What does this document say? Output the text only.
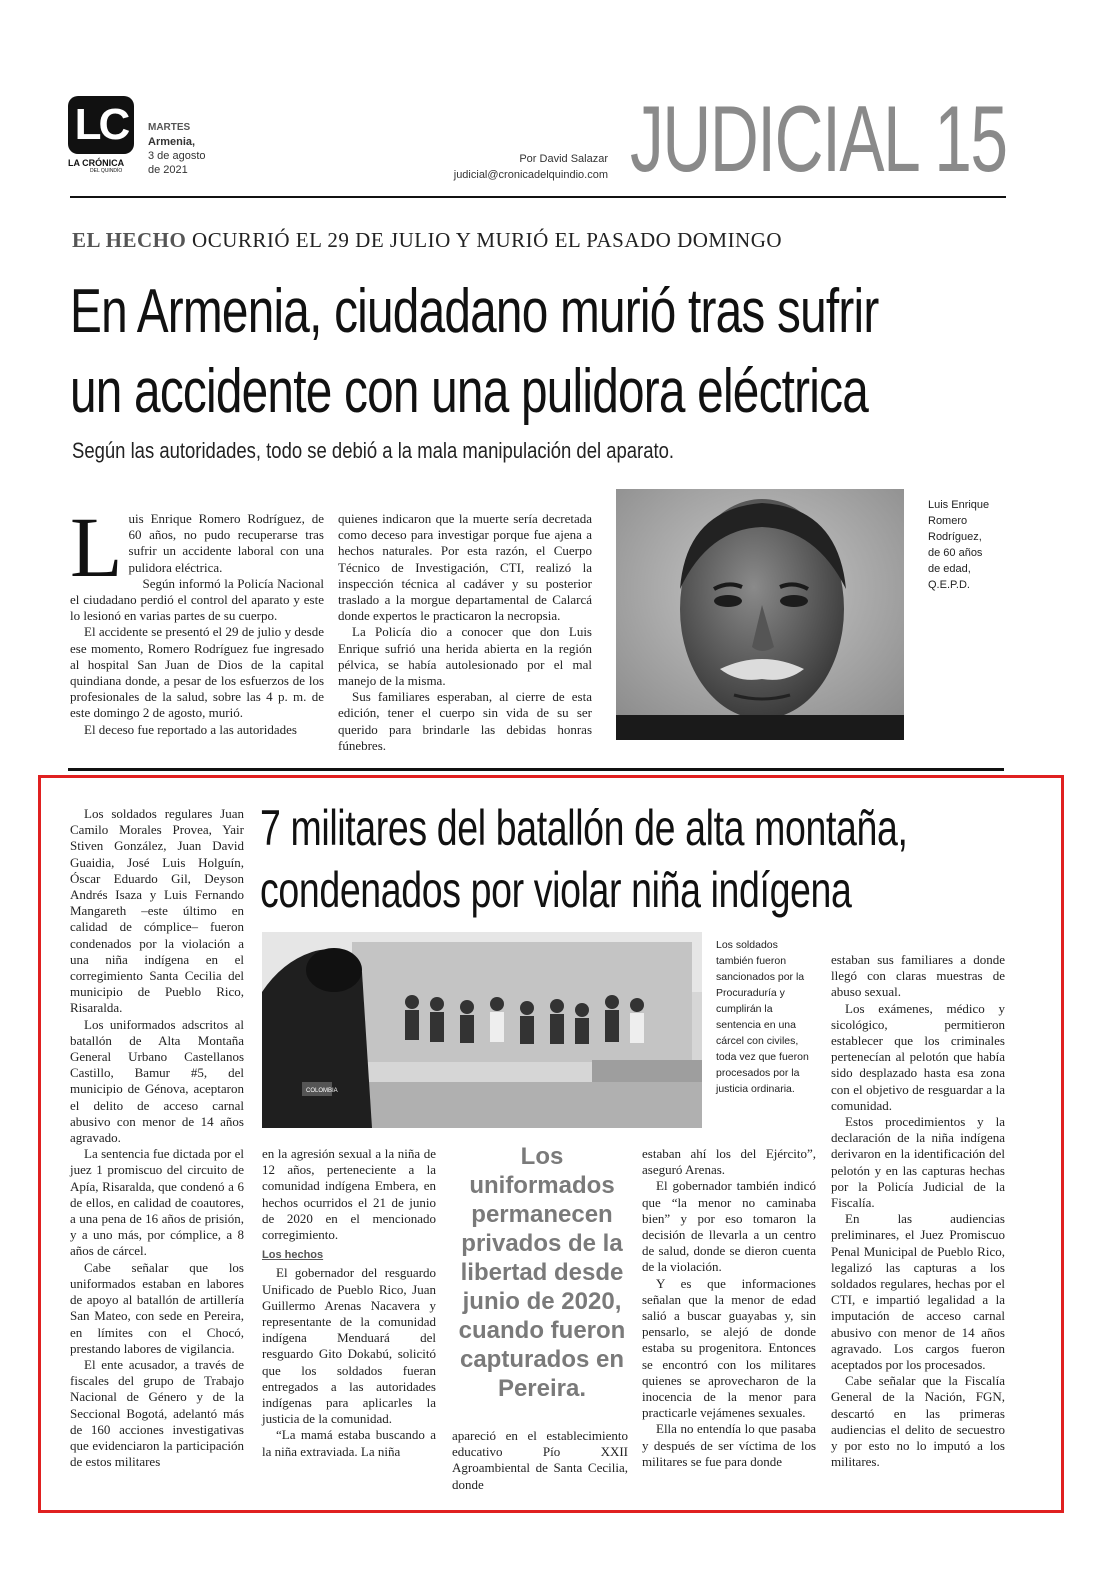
LC
LA CRÓNICA
DEL QUINDÍO
MARTES
Armenia,
3 de agosto
de 2021
Por David Salazar
judicial@cronicadelquindio.com JUDICIAL 15
EL HECHO OCURRIÓ EL 29 DE JULIO Y MURIÓ EL PASADO DOMINGO
En Armenia, ciudadano murió tras sufrir
un accidente con una pulidora eléctrica
Según las autoridades, todo se debió a la mala manipulación del aparato.
L uis Enrique Romero Rodríguez, de 60 años, no pudo recuperarse tras sufrir un accidente laboral con una pulidora eléctrica.

Según informó la Policía Nacional el ciudadano perdió el control del aparato y este lo lesionó en varias partes de su cuerpo.

El accidente se presentó el 29 de julio y desde ese momento, Romero Rodríguez fue ingresado al hospital San Juan de Dios de la capital quindiana donde, a pesar de los esfuerzos de los profesionales de la salud, sobre las 4 p. m. de este domingo 2 de agosto, murió.

El deceso fue reportado a las autoridades

quienes indicaron que la muerte sería decretada como deceso para investigar porque fue ajena a hechos naturales. Por esta razón, el Cuerpo Técnico de Investigación, CTI, realizó la inspección técnica al cadáver y su posterior traslado a la morgue departamental de Calarcá donde expertos le practicaron la necropsia.

La Policía dio a conocer que don Luis Enrique sufrió una herida abierta en la región pélvica, se había autolesionado por el mal manejo de la misma.

Sus familiares esperaban, al cierre de esta edición, tener el cuerpo sin vida de su ser querido para brindarle las debidas honras fúnebres.

Luis Enrique
Romero
Rodríguez,
de 60 años
de edad,
Q.E.P.D.
7 militares del batallón de alta montaña,
condenados por violar niña indígena

Los soldados regulares Juan Camilo Morales Provea, Yair Stiven González, Juan David Guaidia, José Luis Holguín, Óscar Eduardo Gil, Deyson Andrés Isaza y Luis Fernando Mangareth –este último en calidad de cómplice– fueron condenados por la violación a una niña indígena en el corregimiento Santa Cecilia del municipio de Pueblo Rico, Risaralda.

Los uniformados adscritos al batallón de Alta Montaña General Urbano Castellanos Castillo, Bamur #5, del municipio de Génova, aceptaron el delito de acceso carnal abusivo con menor de 14 años agravado.

La sentencia fue dictada por el juez 1 promiscuo del circuito de Apía, Risaralda, que condenó a 6 de ellos, en calidad de coautores, a una pena de 16 años de prisión, y a uno más, por cómplice, a 8 años de cárcel.

Cabe señalar que los uniformados estaban en labores de apoyo al batallón de artillería San Mateo, con sede en Pereira, en límites con el Chocó, prestando labores de vigilancia.

El ente acusador, a través de fiscales del grupo de Trabajo Nacional de Género y de la Seccional Bogotá, adelantó más de 160 acciones investigativas que evidenciaron la participación de estos militares

COLOMBIA
Los soldados también fueron sancionados por la Procuraduría y cumplirán la sentencia en una cárcel con civiles, toda vez que fueron procesados por la justicia ordinaria.

en la agresión sexual a la niña de 12 años, perteneciente a la comunidad indígena Embera, en hechos ocurridos el 21 de junio de 2020 en el mencionado corregimiento.

Los hechos

El gobernador del resguardo Unificado de Pueblo Rico, Juan Guillermo Arenas Nacavera y representante de la comunidad indígena Menduará del resguardo Gito Dokabú, solicitó que los soldados fueran entregados a las autoridades indígenas para aplicarles la justicia de la comunidad.

“La mamá estaba buscando a la niña extraviada. La niña

Los uniformados permanecen privados de la libertad desde junio de 2020, cuando fueron capturados en Pereira.

apareció en el establecimiento educativo Pío XXII Agroambiental de Santa Cecilia, donde

estaban ahí los del Ejército”, aseguró Arenas.

El gobernador también indicó que “la menor no caminaba bien” y por eso tomaron la decisión de llevarla a un centro de salud, donde se dieron cuenta de la violación.

Y es que informaciones señalan que la menor de edad salió a buscar guayabas y, sin pensarlo, se alejó de donde estaba su progenitora. Entonces se encontró con los militares quienes se aprovecharon de la inocencia de la menor para practicarle vejámenes sexuales.

Ella no entendía lo que pasaba y después de ser víctima de los militares se fue para donde

estaban sus familiares a donde llegó con claras muestras de abuso sexual.

Los exámenes, médico y sicológico, permitieron establecer que los criminales pertenecían al pelotón que había sido desplazado hasta esa zona con el objetivo de resguardar a la comunidad.

Estos procedimientos y la declaración de la niña indígena derivaron en la identificación del pelotón y en las capturas hechas por la Policía Judicial de la Fiscalía.

En las audiencias preliminares, el Juez Promiscuo Penal Municipal de Pueblo Rico, legalizó las capturas a los soldados regulares, hechas por el CTI, e impartió legalidad a la imputación de acceso carnal abusivo con menor de 14 años agravado. Los cargos fueron aceptados por los procesados.

Cabe señalar que la Fiscalía General de la Nación, FGN, descartó en las primeras audiencias el delito de secuestro y por esto no lo imputó a los militares.
